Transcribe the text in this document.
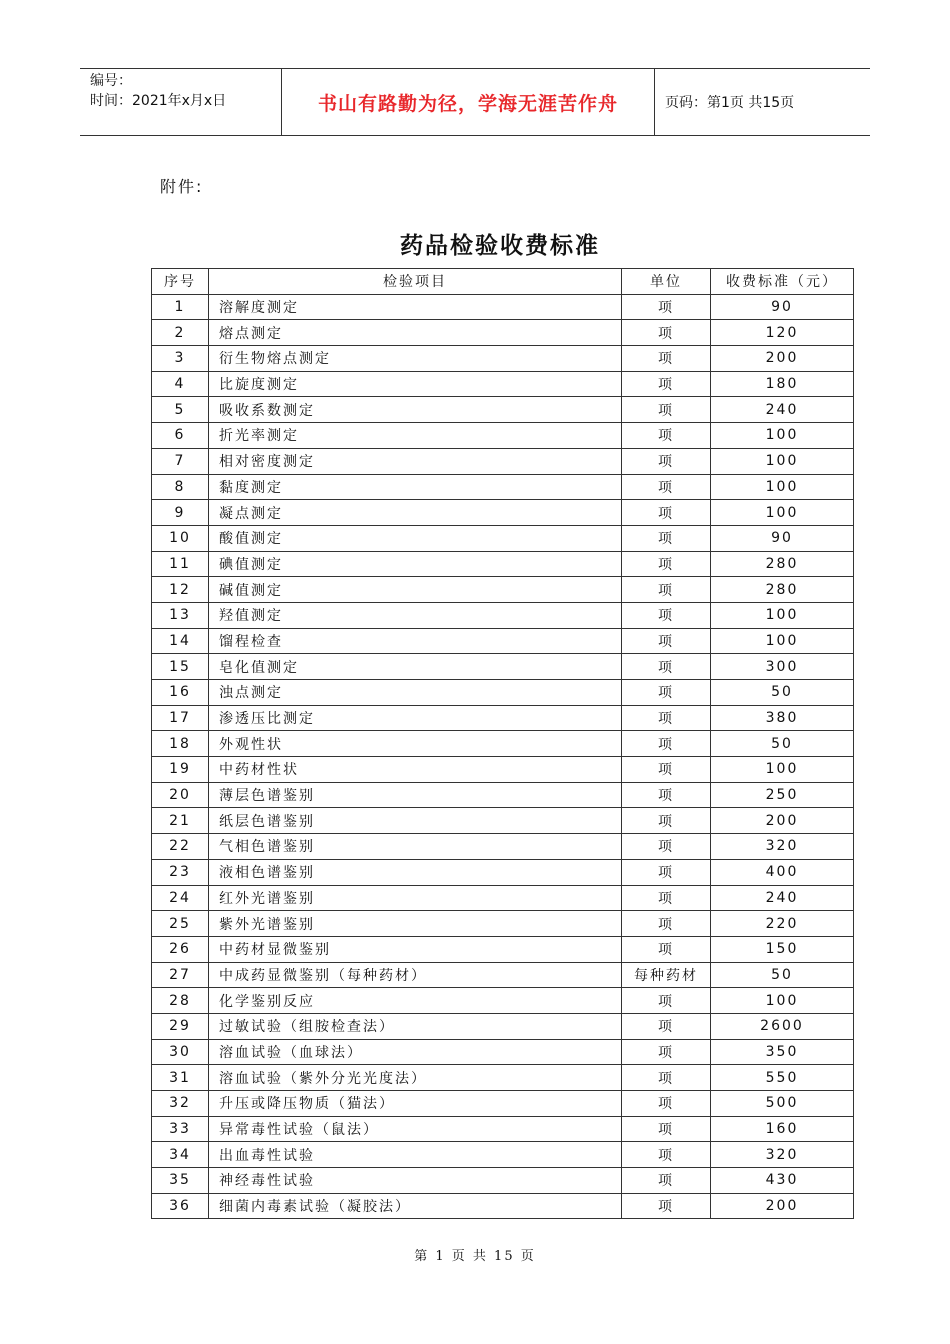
编号：
时间：2021年x月x日	书山有路勤为径，学海无涯苦作舟	页码：第1页 共15页
附件:
药品检验收费标准
序号	检验项目	单位	收费标准（元）
1	溶解度测定	项	90
2	熔点测定	项	120
3	衍生物熔点测定	项	200
4	比旋度测定	项	180
5	吸收系数测定	项	240
6	折光率测定	项	100
7	相对密度测定	项	100
8	黏度测定	项	100
9	凝点测定	项	100
10	酸值测定	项	90
11	碘值测定	项	280
12	碱值测定	项	280
13	羟值测定	项	100
14	馏程检查	项	100
15	皂化值测定	项	300
16	浊点测定	项	50
17	渗透压比测定	项	380
18	外观性状	项	50
19	中药材性状	项	100
20	薄层色谱鉴别	项	250
21	纸层色谱鉴别	项	200
22	气相色谱鉴别	项	320
23	液相色谱鉴别	项	400
24	红外光谱鉴别	项	240
25	紫外光谱鉴别	项	220
26	中药材显微鉴别	项	150
27	中成药显微鉴别（每种药材）	每种药材	50
28	化学鉴别反应	项	100
29	过敏试验（组胺检查法）	项	2600
30	溶血试验（血球法）	项	350
31	溶血试验（紫外分光光度法）	项	550
32	升压或降压物质（猫法）	项	500
33	异常毒性试验（鼠法）	项	160
34	出血毒性试验	项	320
35	神经毒性试验	项	430
36	细菌内毒素试验（凝胶法）	项	200
第 1 页 共 15 页
